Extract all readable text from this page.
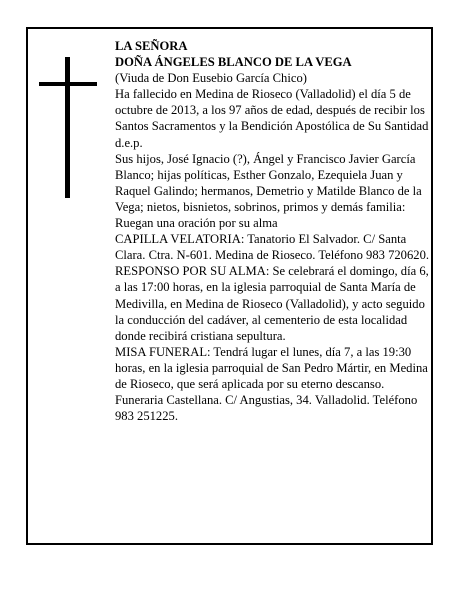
LA SEÑORA

DOÑA ÁNGELES BLANCO DE LA VEGA

(Viuda de Don Eusebio García Chico)

Ha fallecido en Medina de Rioseco (Valladolid) el día 5 de octubre de 2013, a los 97 años de edad, después de recibir los Santos Sacramentos y la Bendición Apostólica de Su Santidad

d.e.p.

Sus hijos, José Ignacio (?), Ángel y Francisco Javier García Blanco; hijas políticas, Esther Gonzalo, Ezequiela Juan y Raquel Galindo; hermanos, Demetrio y Matilde Blanco de la Vega; nietos, bisnietos, sobrinos, primos y demás familia:

Ruegan una oración por su alma

CAPILLA VELATORIA: Tanatorio El Salvador. C/ Santa Clara. Ctra. N-601. Medina de Rioseco. Teléfono 983 720620.

RESPONSO POR SU ALMA: Se celebrará el domingo, día 6, a las 17:00 horas, en la iglesia parroquial de Santa María de Medivilla, en Medina de Rioseco (Valladolid), y acto seguido la conducción del cadáver, al cementerio de esta localidad donde recibirá cristiana sepultura.

MISA FUNERAL: Tendrá lugar el lunes, día 7, a las 19:30 horas, en la iglesia parroquial de San Pedro Mártir, en Medina de Rioseco, que será aplicada por su eterno descanso.

Funeraria Castellana. C/ Angustias, 34. Valladolid. Teléfono 983 251225.
